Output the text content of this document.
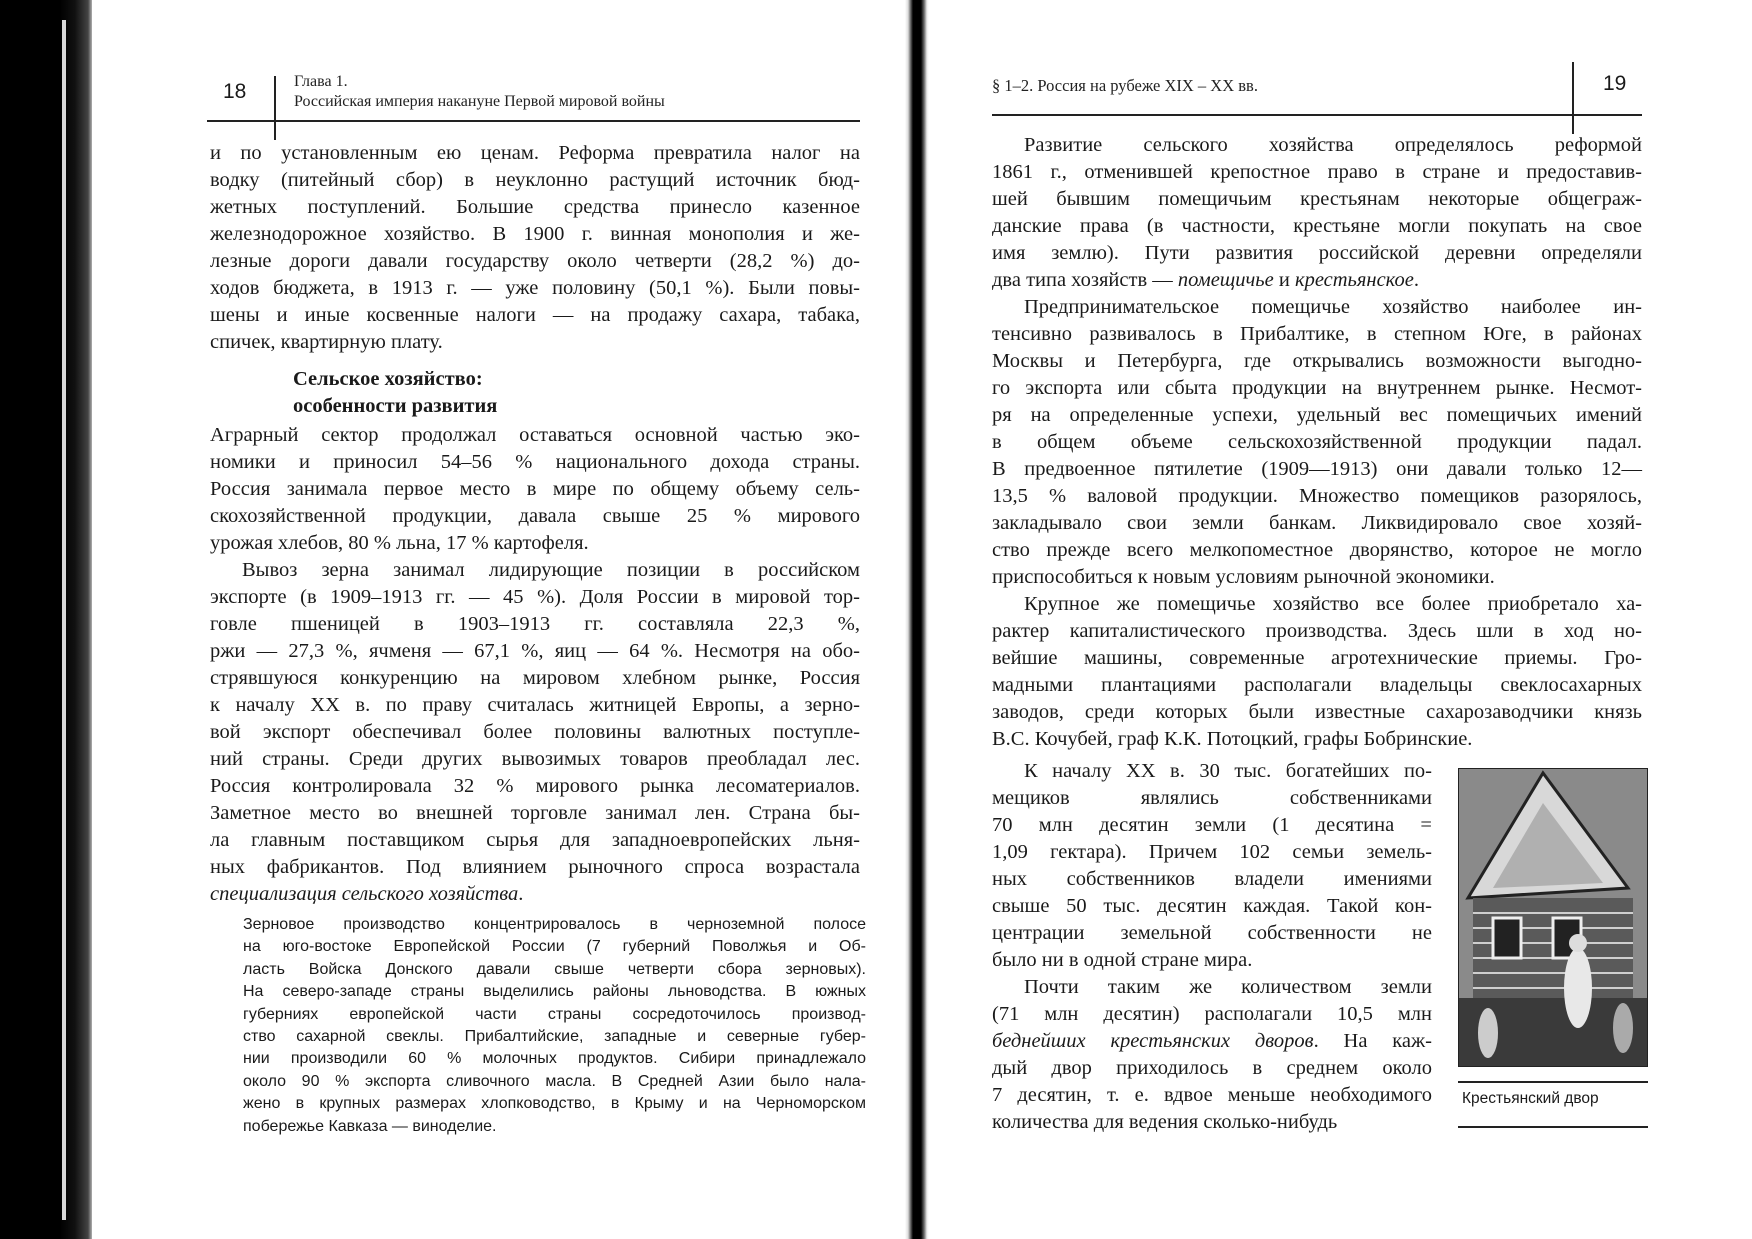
18	Глава 1.
Российская империя накануне Первой мировой войны
и по установленным ею ценам. Реформа превратила налог на
водку (питейный сбор) в неуклонно растущий источник бюд-
жетных поступлений. Большие средства принесло казенное
железнодорожное хозяйство. В 1900 г. винная монополия и же-
лезные дороги давали государству около четверти (28,2 %) до-
ходов бюджета, в 1913 г. — уже половину (50,1 %). Были повы-
шены и иные косвенные налоги — на продажу сахара, табака,
спичек, квартирную плату.
Сельское хозяйство:
особенности развития
Аграрный сектор продолжал оставаться основной частью эко-
номики и приносил 54–56 % национального дохода страны.
Россия занимала первое место в мире по общему объему сель-
скохозяйственной продукции, давала свыше 25 % мирового
урожая хлебов, 80 % льна, 17 % картофеля.
Вывоз зерна занимал лидирующие позиции в российском
экспорте (в 1909–1913 гг. — 45 %). Доля России в мировой тор-
говле пшеницей в 1903–1913 гг. составляла 22,3 %,
ржи — 27,3 %, ячменя — 67,1 %, яиц — 64 %. Несмотря на обо-
стрявшуюся конкуренцию на мировом хлебном рынке, Россия
к началу XX в. по праву считалась житницей Европы, а зерно-
вой экспорт обеспечивал более половины валютных поступле-
ний страны. Среди других вывозимых товаров преобладал лес.
Россия контролировала 32 % мирового рынка лесоматериалов.
Заметное место во внешней торговле занимал лен. Страна бы-
ла главным поставщиком сырья для западноевропейских льня-
ных фабрикантов. Под влиянием рыночного спроса возрастала
специализация сельского хозяйства.
Зерновое производство концентрировалось в черноземной полосе
на юго-востоке Европейской России (7 губерний Поволжья и Об-
ласть Войска Донского давали свыше четверти сбора зерновых).
На северо-западе страны выделились районы льноводства. В южных
губерниях европейской части страны сосредоточилось производ-
ство сахарной свеклы. Прибалтийские, западные и северные губер-
нии производили 60 % молочных продуктов. Сибири принадлежало
около 90 % экспорта сливочного масла. В Средней Азии было нала-
жено в крупных размерах хлопководство, в Крыму и на Черноморском
побережье Кавказа — виноделие.
§ 1–2. Россия на рубеже XIX – XX вв.	19
Развитие сельского хозяйства определялось реформой
1861 г., отменившей крепостное право в стране и предоставив-
шей бывшим помещичьим крестьянам некоторые общеграж-
данские права (в частности, крестьяне могли покупать на свое
имя землю). Пути развития российской деревни определяли
два типа хозяйств — помещичье и крестьянское.
Предпринимательское помещичье хозяйство наиболее ин-
тенсивно развивалось в Прибалтике, в степном Юге, в районах
Москвы и Петербурга, где открывались возможности выгодно-
го экспорта или сбыта продукции на внутреннем рынке. Несмот-
ря на определенные успехи, удельный вес помещичьих имений
в общем объеме сельскохозяйственной продукции падал.
В предвоенное пятилетие (1909—1913) они давали только 12—
13,5 % валовой продукции. Множество помещиков разорялось,
закладывало свои земли банкам. Ликвидировало свое хозяй-
ство прежде всего мелкопоместное дворянство, которое не могло
приспособиться к новым условиям рыночной экономики.
Крупное же помещичье хозяйство все более приобретало ха-
рактер капиталистического производства. Здесь шли в ход но-
вейшие машины, современные агротехнические приемы. Гро-
мадными плантациями располагали владельцы свеклосахарных
заводов, среди которых были известные сахарозаводчики князь
В.С. Кочубей, граф К.К. Потоцкий, графы Бобринские.
К началу XX в. 30 тыс. богатейших по-
мещиков являлись собственниками
70 млн десятин земли (1 десятина =
1,09 гектара). Причем 102 семьи земель-
ных собственников владели имениями
свыше 50 тыс. десятин каждая. Такой кон-
центрации земельной собственности не
было ни в одной стране мира.
Почти таким же количеством земли
(71 млн десятин) располагали 10,5 млн
беднейших крестьянских дворов. На каж-
дый двор приходилось в среднем около
7 десятин, т. е. вдвое меньше необходимого
количества для ведения сколько-нибудь
Крестьянский двор
